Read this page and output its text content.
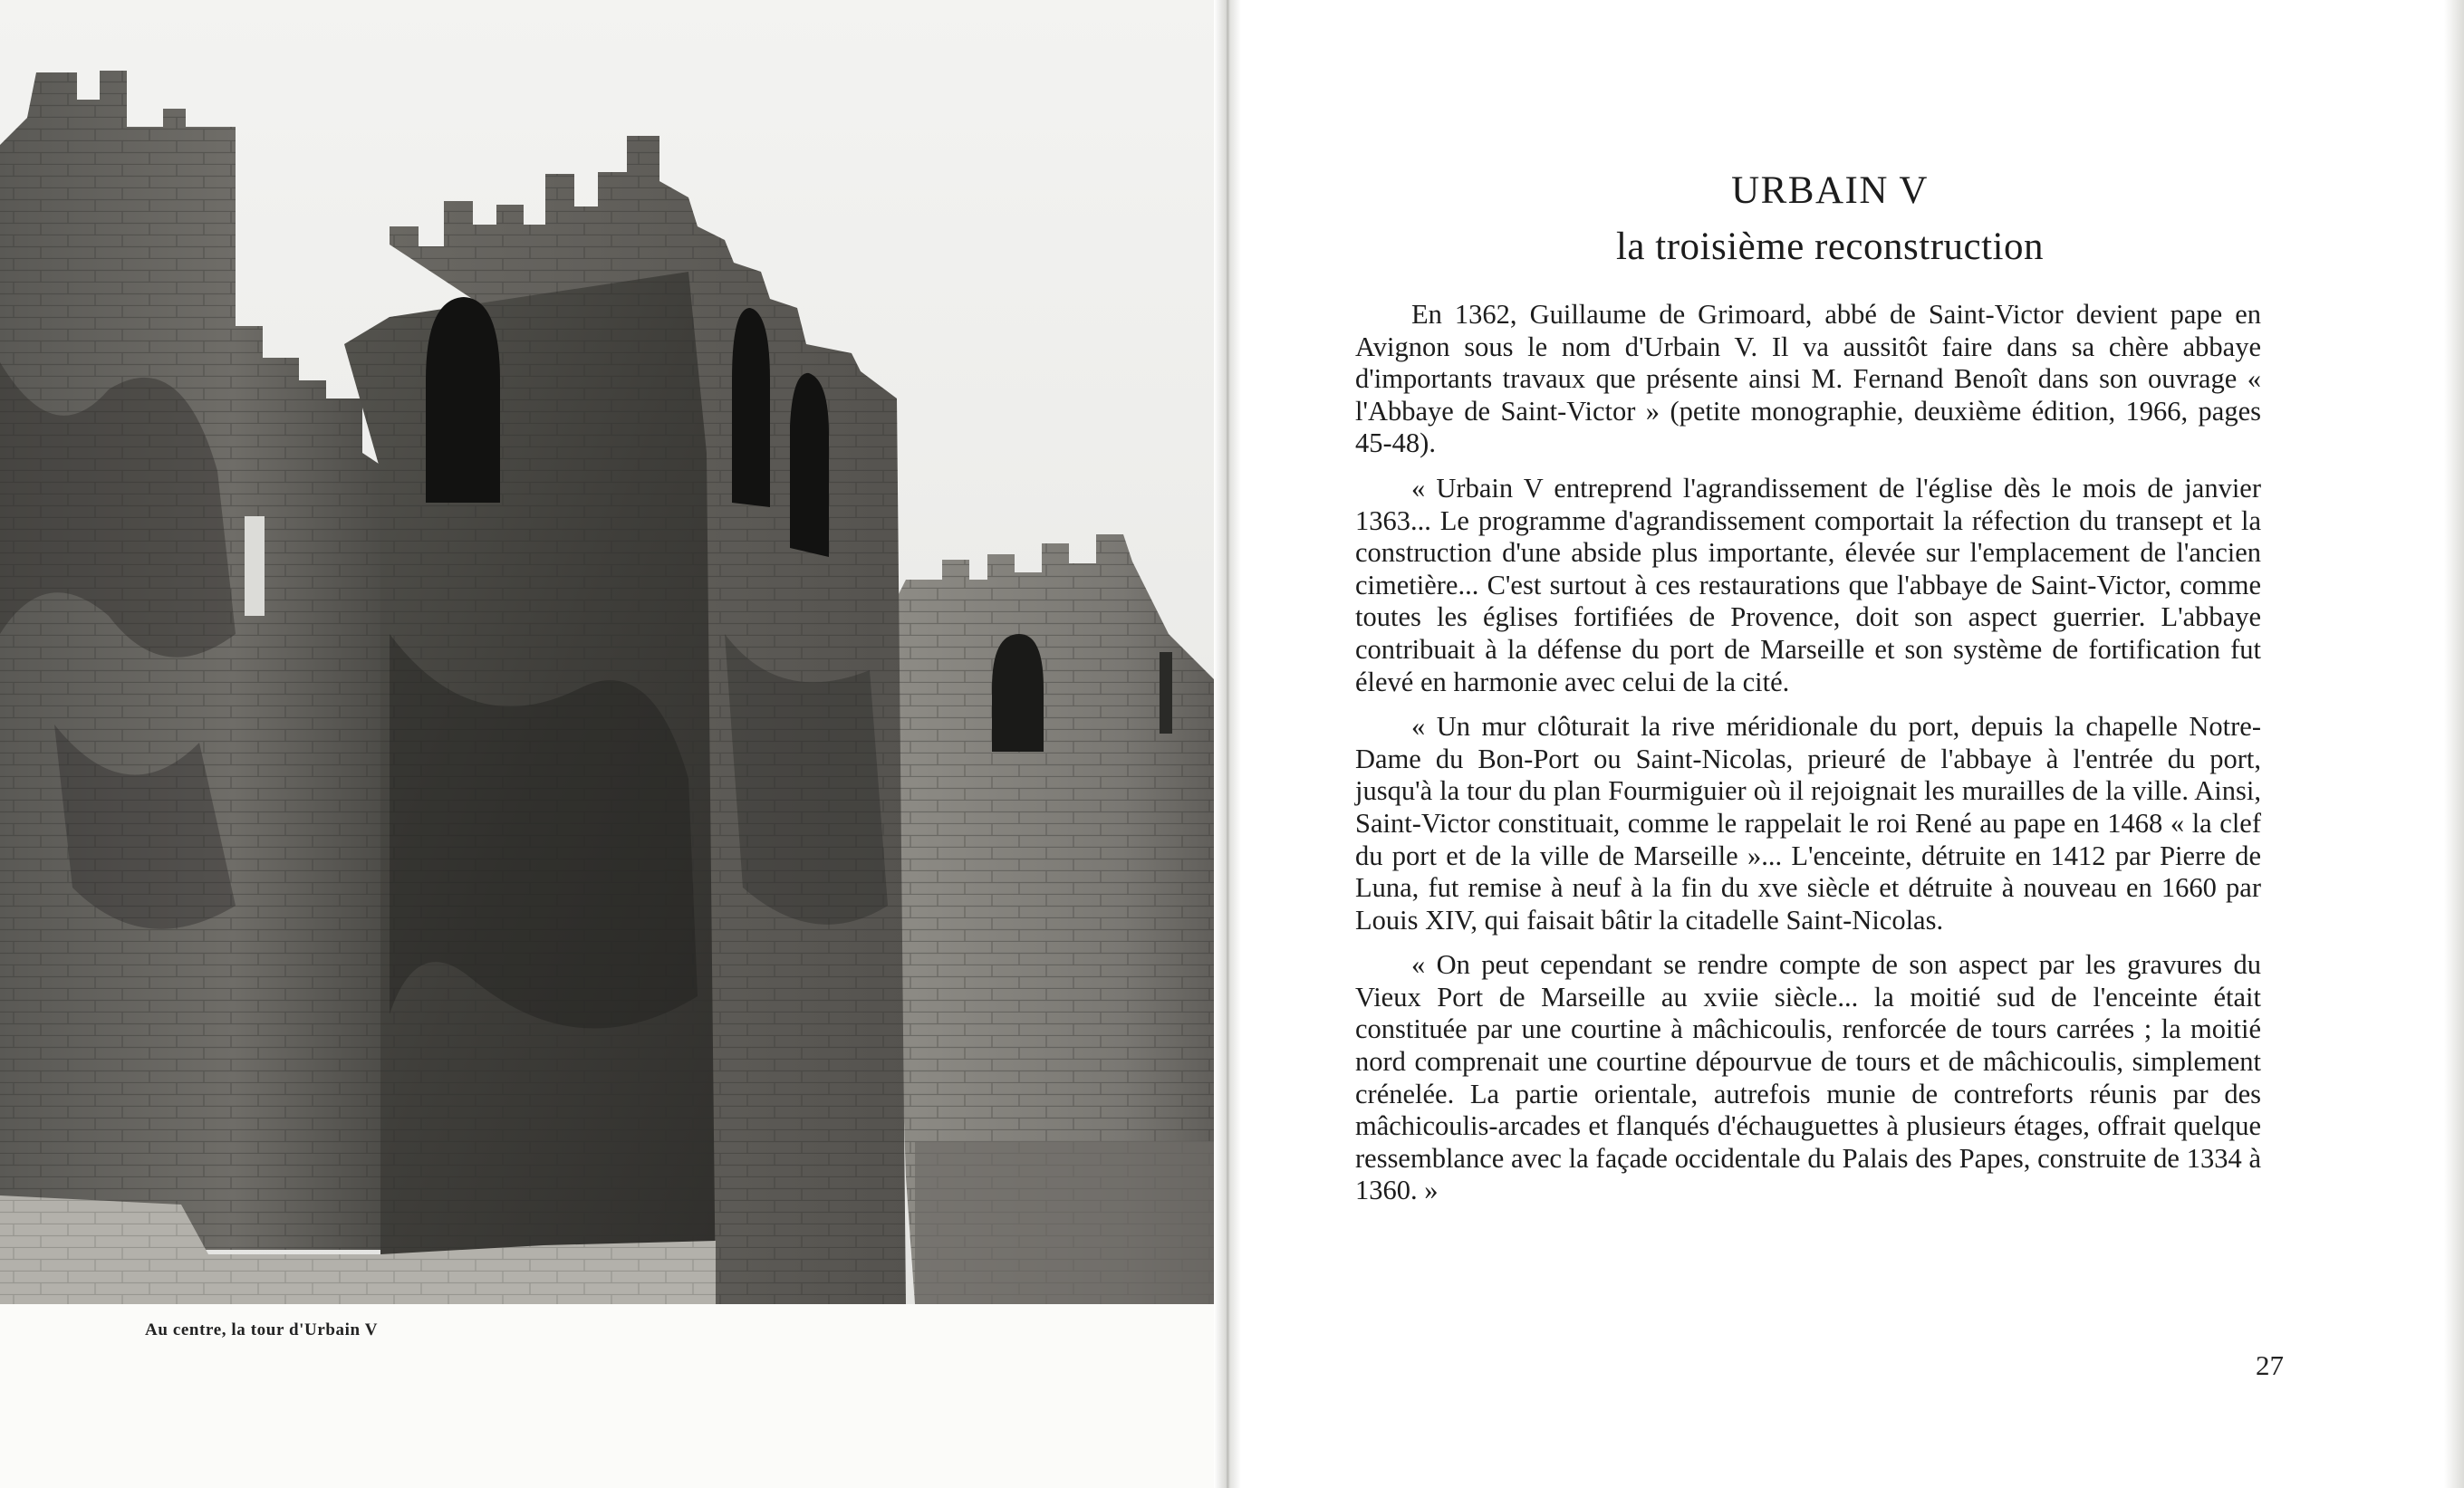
Au centre, la tour d'Urbain V
URBAIN V
la troisième reconstruction

En 1362, Guillaume de Grimoard, abbé de Saint-Victor devient pape en Avignon sous le nom d'Urbain V. Il va aussitôt faire dans sa chère abbaye d'importants travaux que présente ainsi M. Fernand Benoît dans son ouvrage « l'Abbaye de Saint-Victor » (petite monographie, deuxième édition, 1966, pages 45-48).

« Urbain V entreprend l'agrandissement de l'église dès le mois de janvier 1363... Le programme d'agrandissement comportait la réfection du transept et la construction d'une abside plus importante, élevée sur l'emplacement de l'ancien cimetière... C'est surtout à ces restaurations que l'abbaye de Saint-Victor, comme toutes les églises fortifiées de Provence, doit son aspect guerrier. L'abbaye contribuait à la défense du port de Marseille et son système de fortification fut élevé en harmonie avec celui de la cité.

« Un mur clôturait la rive méridionale du port, depuis la chapelle Notre-Dame du Bon-Port ou Saint-Nicolas, prieuré de l'abbaye à l'entrée du port, jusqu'à la tour du plan Fourmiguier où il rejoignait les murailles de la ville. Ainsi, Saint-Victor constituait, comme le rappelait le roi René au pape en 1468 « la clef du port et de la ville de Marseille »... L'enceinte, détruite en 1412 par Pierre de Luna, fut remise à neuf à la fin du xve siècle et détruite à nouveau en 1660 par Louis XIV, qui faisait bâtir la citadelle Saint-Nicolas.

« On peut cependant se rendre compte de son aspect par les gravures du Vieux Port de Marseille au xviie siècle... la moitié sud de l'enceinte était constituée par une courtine à mâchicoulis, renforcée de tours carrées ; la moitié nord comprenait une courtine dépourvue de tours et de mâchicoulis, simplement crénelée. La partie orientale, autrefois munie de contreforts réunis par des mâchicoulis-arcades et flanqués d'échauguettes à plusieurs étages, offrait quelque ressemblance avec la façade occidentale du Palais des Papes, construite de 1334 à 1360. »

27
